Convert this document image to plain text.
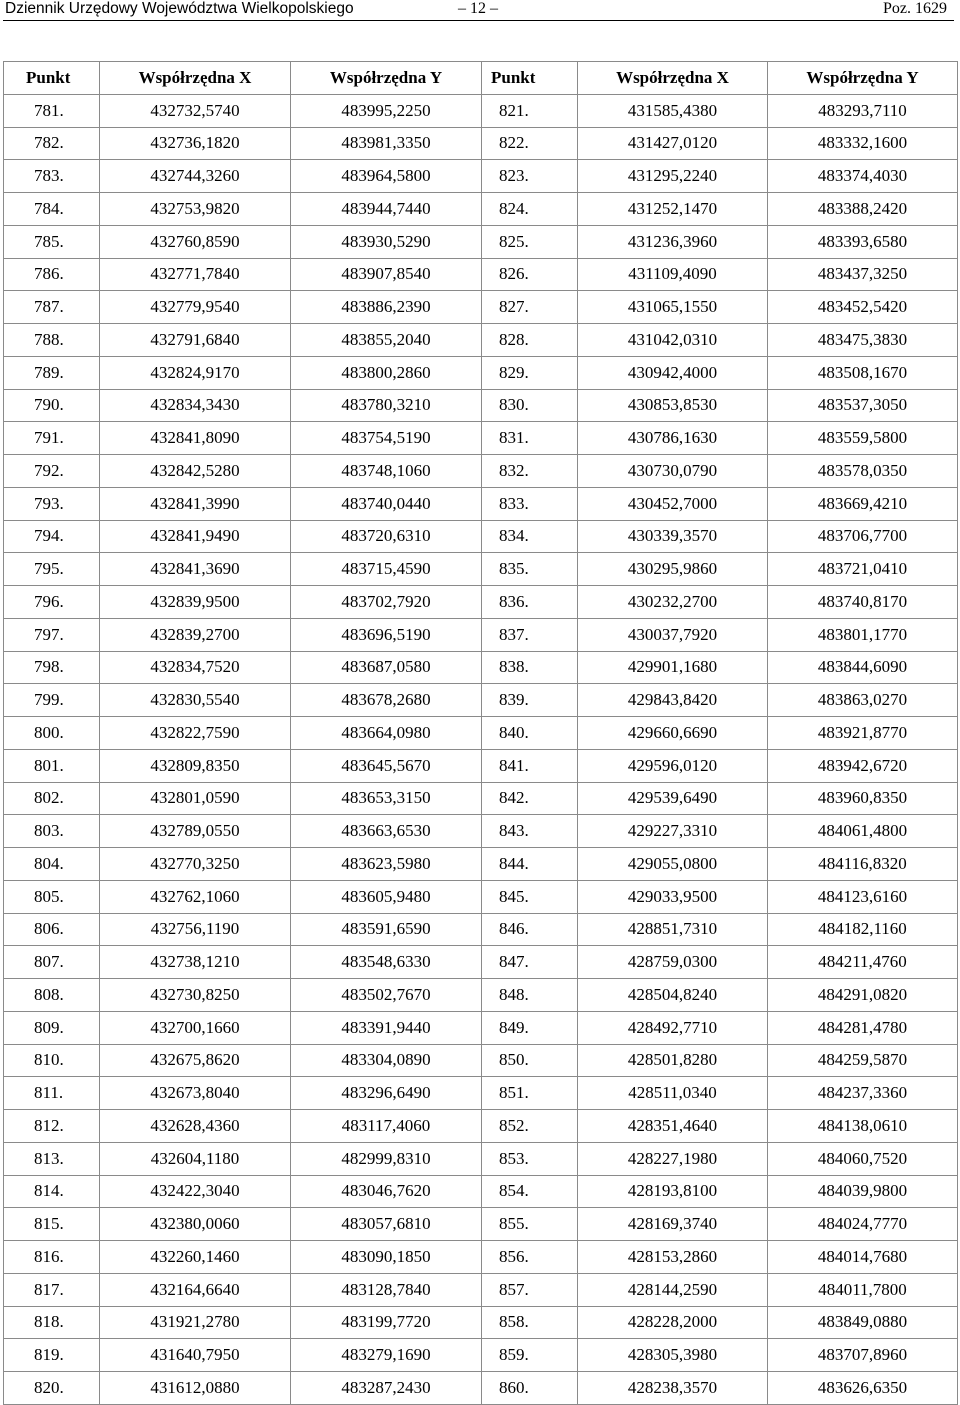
Dziennik Urzędowy Województwa Wielkopolskiego	– 12 –	Poz. 1629
Punkt	Współrzędna X	Współrzędna Y	Punkt	Współrzędna X	Współrzędna Y
781.	432732,5740	483995,2250	821.	431585,4380	483293,7110
782.	432736,1820	483981,3350	822.	431427,0120	483332,1600
783.	432744,3260	483964,5800	823.	431295,2240	483374,4030
784.	432753,9820	483944,7440	824.	431252,1470	483388,2420
785.	432760,8590	483930,5290	825.	431236,3960	483393,6580
786.	432771,7840	483907,8540	826.	431109,4090	483437,3250
787.	432779,9540	483886,2390	827.	431065,1550	483452,5420
788.	432791,6840	483855,2040	828.	431042,0310	483475,3830
789.	432824,9170	483800,2860	829.	430942,4000	483508,1670
790.	432834,3430	483780,3210	830.	430853,8530	483537,3050
791.	432841,8090	483754,5190	831.	430786,1630	483559,5800
792.	432842,5280	483748,1060	832.	430730,0790	483578,0350
793.	432841,3990	483740,0440	833.	430452,7000	483669,4210
794.	432841,9490	483720,6310	834.	430339,3570	483706,7700
795.	432841,3690	483715,4590	835.	430295,9860	483721,0410
796.	432839,9500	483702,7920	836.	430232,2700	483740,8170
797.	432839,2700	483696,5190	837.	430037,7920	483801,1770
798.	432834,7520	483687,0580	838.	429901,1680	483844,6090
799.	432830,5540	483678,2680	839.	429843,8420	483863,0270
800.	432822,7590	483664,0980	840.	429660,6690	483921,8770
801.	432809,8350	483645,5670	841.	429596,0120	483942,6720
802.	432801,0590	483653,3150	842.	429539,6490	483960,8350
803.	432789,0550	483663,6530	843.	429227,3310	484061,4800
804.	432770,3250	483623,5980	844.	429055,0800	484116,8320
805.	432762,1060	483605,9480	845.	429033,9500	484123,6160
806.	432756,1190	483591,6590	846.	428851,7310	484182,1160
807.	432738,1210	483548,6330	847.	428759,0300	484211,4760
808.	432730,8250	483502,7670	848.	428504,8240	484291,0820
809.	432700,1660	483391,9440	849.	428492,7710	484281,4780
810.	432675,8620	483304,0890	850.	428501,8280	484259,5870
811.	432673,8040	483296,6490	851.	428511,0340	484237,3360
812.	432628,4360	483117,4060	852.	428351,4640	484138,0610
813.	432604,1180	482999,8310	853.	428227,1980	484060,7520
814.	432422,3040	483046,7620	854.	428193,8100	484039,9800
815.	432380,0060	483057,6810	855.	428169,3740	484024,7770
816.	432260,1460	483090,1850	856.	428153,2860	484014,7680
817.	432164,6640	483128,7840	857.	428144,2590	484011,7800
818.	431921,2780	483199,7720	858.	428228,2000	483849,0880
819.	431640,7950	483279,1690	859.	428305,3980	483707,8960
820.	431612,0880	483287,2430	860.	428238,3570	483626,6350
